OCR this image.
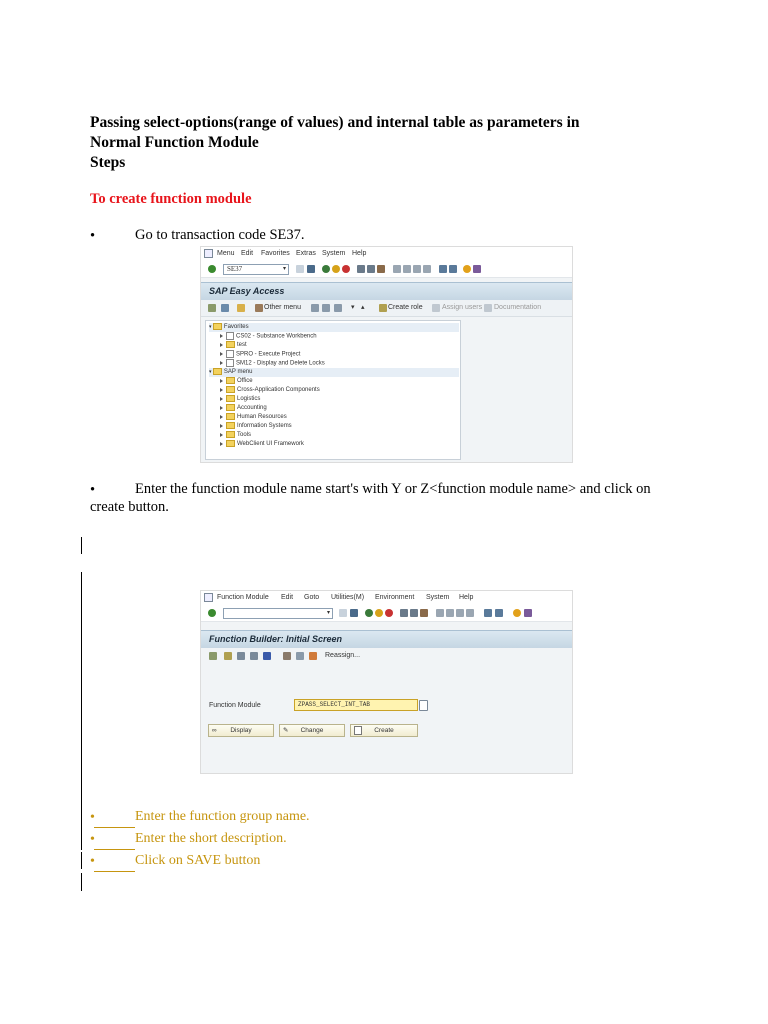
Passing select-options(range of values) and internal table as parameters in
Normal Function Module
Steps
To create function module
•	Go to transaction code SE37.
Menu Edit Favorites Extras System Help
SE37	▾
SAP Easy Access
Other menu	▾ ▴	Create role	Assign users Documentation
▾ Favorites
CS02 - Substance Workbench
test
SPRO - Execute Project
SM12 - Display and Delete Locks
▾ SAP menu
Office
Cross-Application Components
Logistics
Accounting
Human Resources
Information Systems
Tools
WebClient UI Framework
•	Enter the function module name start's with Y or Z<function module name> and click on
create button.
Function Module Edit Goto Utilities(M) Environment System Help
▾
Function Builder: Initial Screen
Reassign...
Function Module	ZPASS_SELECT_INT_TAB
∞ Display	✎ Change	Create
•	Enter the function group name.
•	Enter the short description.
•	Click on SAVE button
